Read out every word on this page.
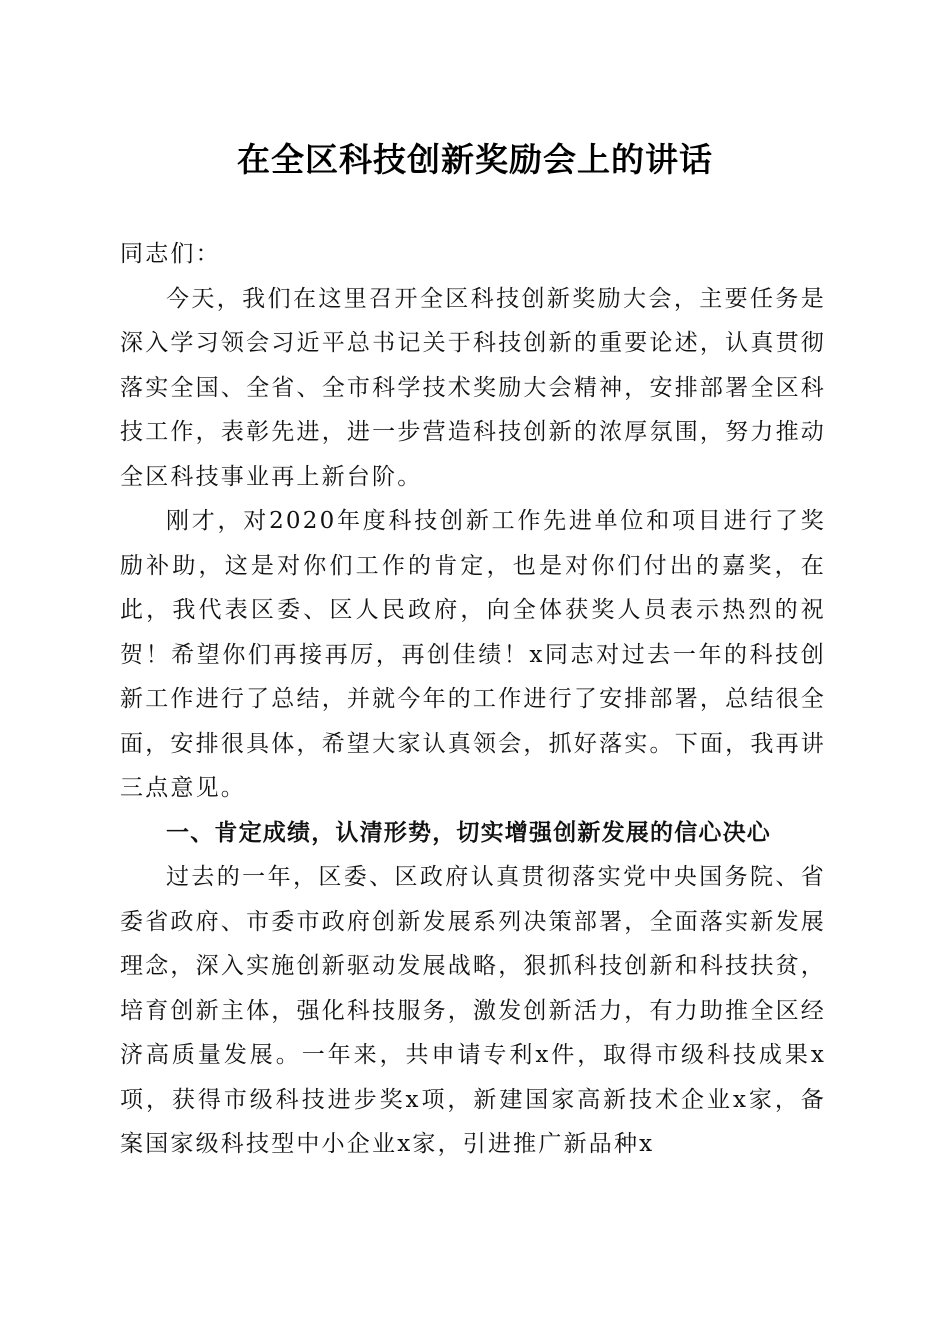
在全区科技创新奖励会上的讲话

同志们：

今天，我们在这里召开全区科技创新奖励大会，主要任务是深入学习领会习近平总书记关于科技创新的重要论述，认真贯彻落实全国、全省、全市科学技术奖励大会精神，安排部署全区科技工作，表彰先进，进一步营造科技创新的浓厚氛围，努力推动全区科技事业再上新台阶。

刚才，对2020年度科技创新工作先进单位和项目进行了奖励补助，这是对你们工作的肯定，也是对你们付出的嘉奖，在此，我代表区委、区人民政府，向全体获奖人员表示热烈的祝贺！希望你们再接再厉，再创佳绩！x同志对过去一年的科技创新工作进行了总结，并就今年的工作进行了安排部署，总结很全面，安排很具体，希望大家认真领会，抓好落实。下面，我再讲三点意见。

一、肯定成绩，认清形势，切实增强创新发展的信心决心

过去的一年，区委、区政府认真贯彻落实党中央国务院、省委省政府、市委市政府创新发展系列决策部署，全面落实新发展理念，深入实施创新驱动发展战略，狠抓科技创新和科技扶贫，培育创新主体，强化科技服务，激发创新活力，有力助推全区经济高质量发展。一年来，共申请专利x件，取得市级科技成果x项，获得市级科技进步奖x项，新建国家高新技术企业x家，备案国家级科技型中小企业x家，引进推广新品种x
